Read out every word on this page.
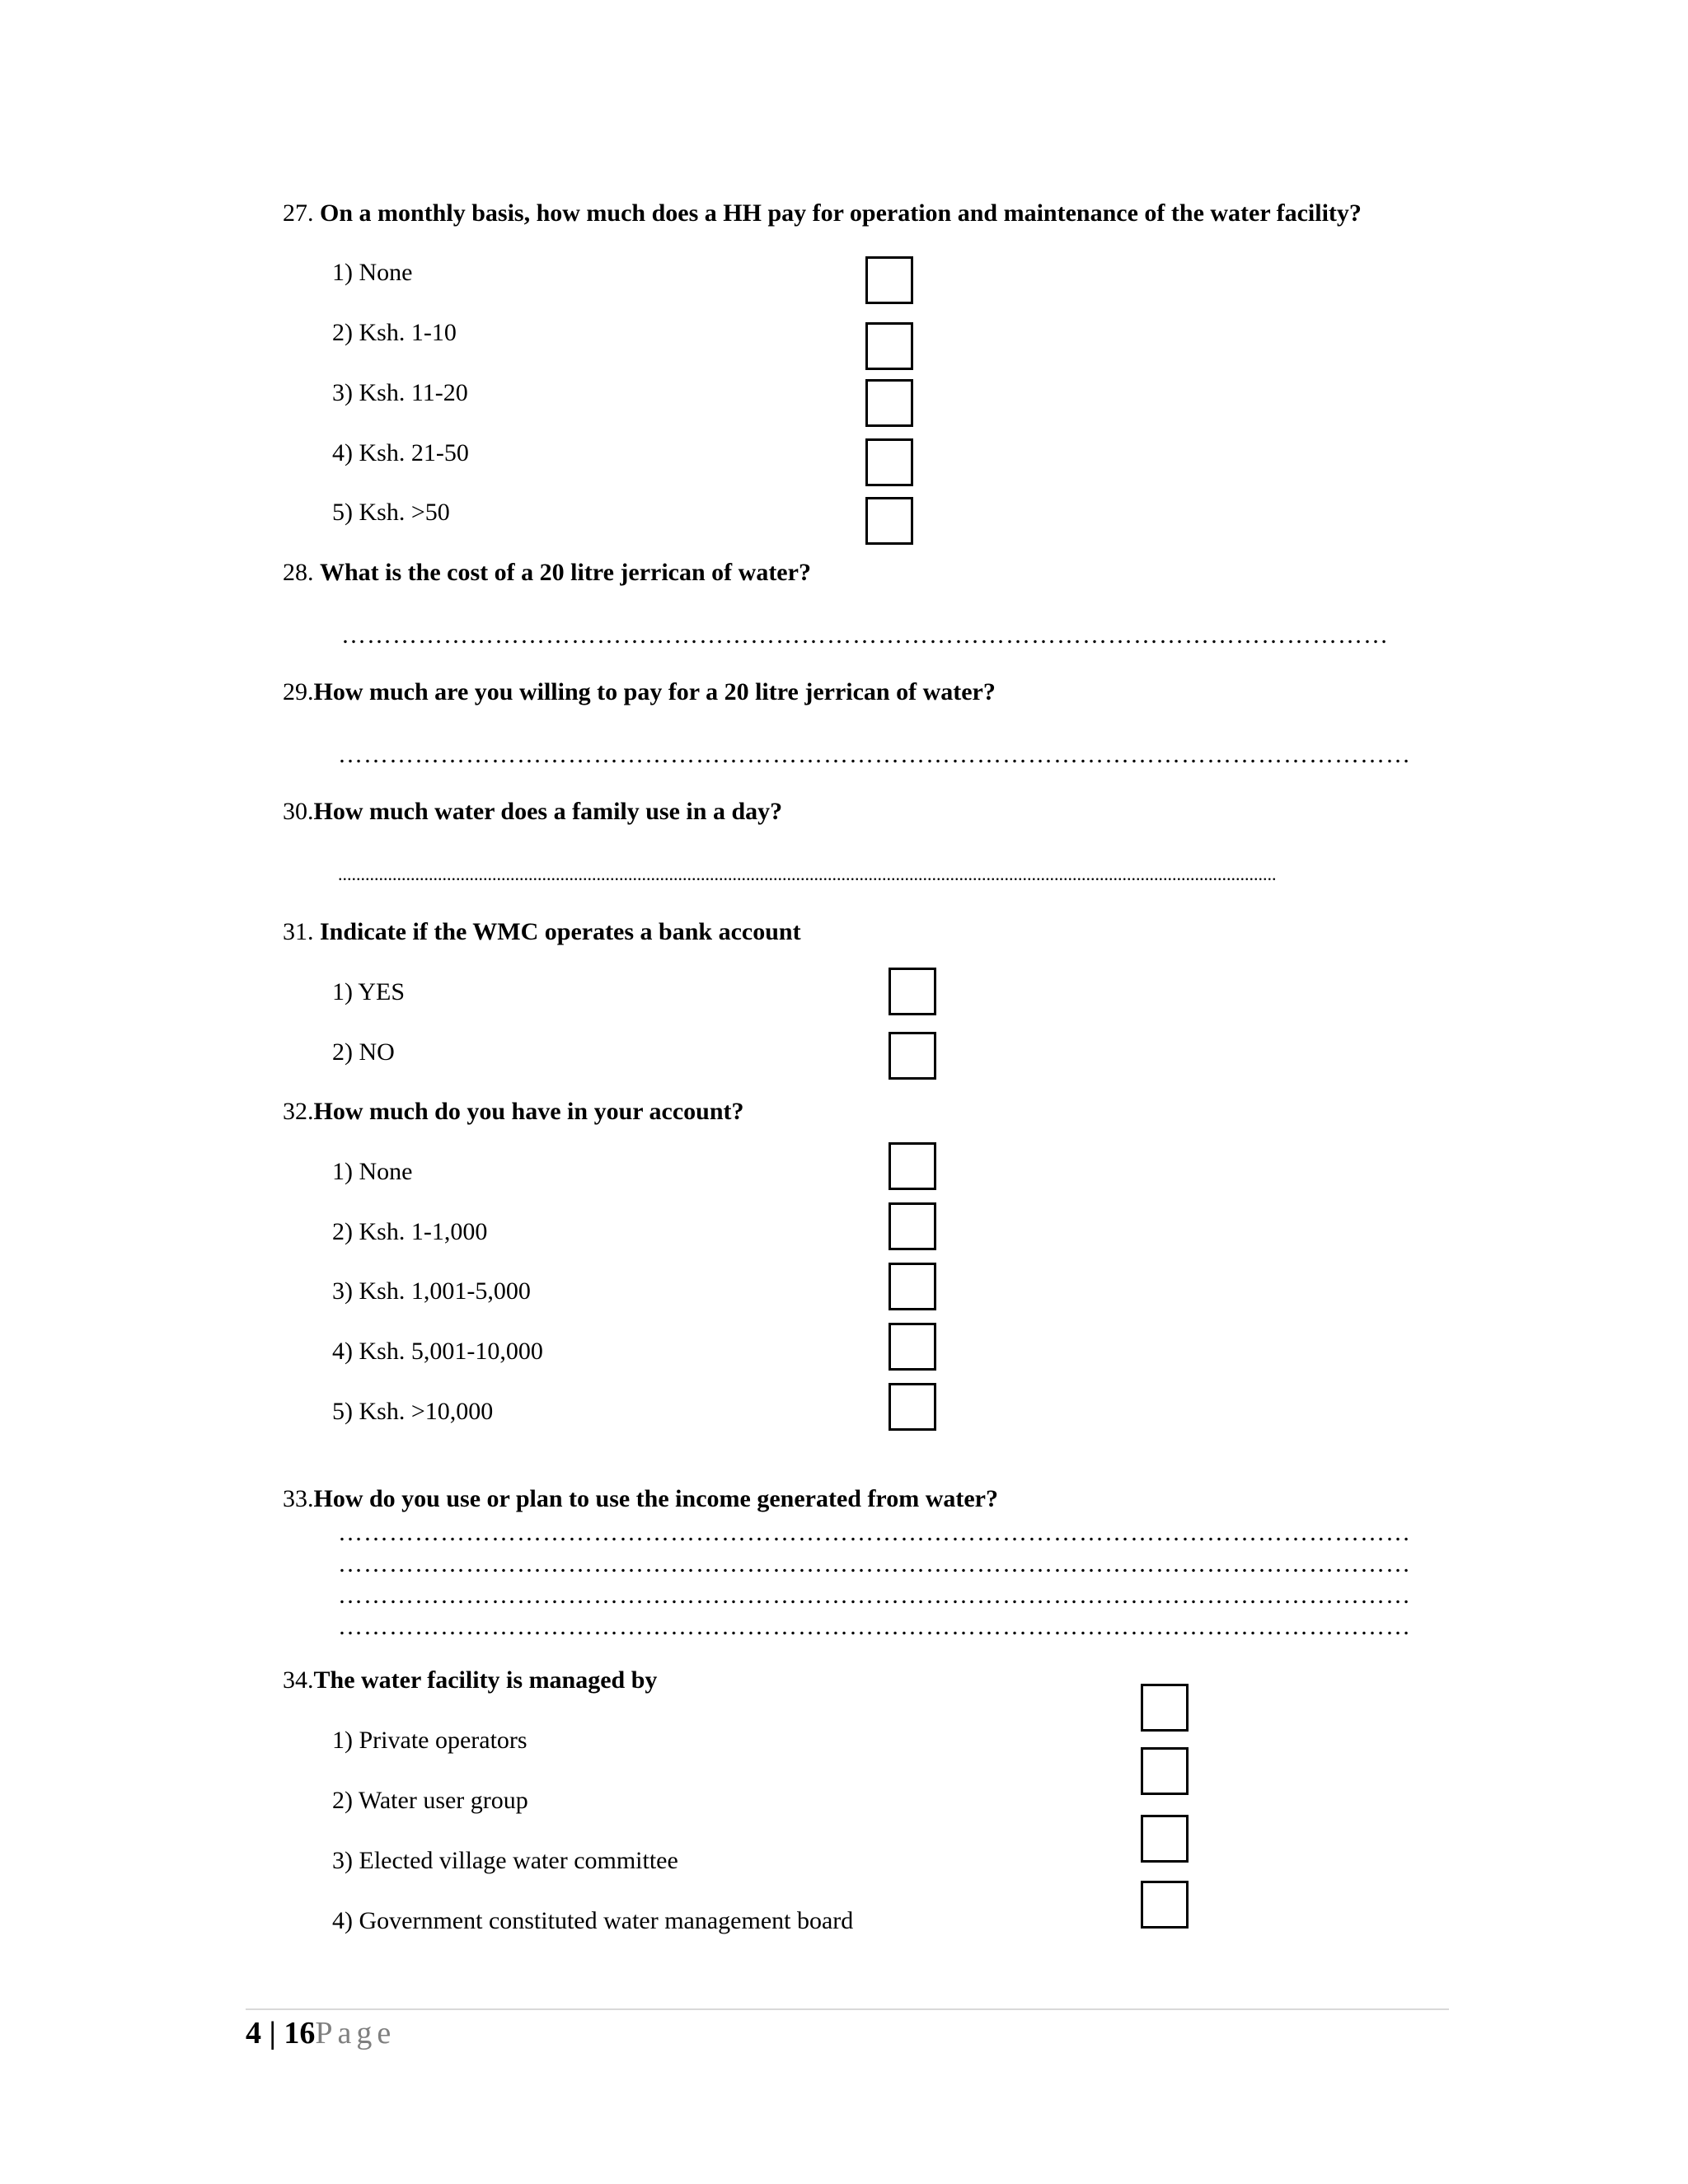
27. On a monthly basis, how much does a HH pay for operation and maintenance of the water facility?
1) None
2) Ksh. 1-10
3) Ksh. 11-20
4) Ksh. 21-50
5) Ksh. >50
28. What is the cost of a 20 litre jerrican of water?
……………………………………………………………………………………………………………
29.How much are you willing to pay for a 20 litre jerrican of water?
………………………………………………………………………………………………………………
30.How much water does a family use in a day?
...............................................................................................................................................................................................................
31. Indicate if the WMC operates a bank account
1) YES
2) NO
32.How much do you have in your account?
1) None
2) Ksh. 1-1,000
3) Ksh. 1,001-5,000
4) Ksh. 5,001-10,000
5) Ksh. >10,000
33.How do you use or plan to use the income generated from water?
………………………………………………………………………………………………………………
………………………………………………………………………………………………………………
………………………………………………………………………………………………………………
………………………………………………………………………………………………………………
34.The water facility is managed by
1) Private operators
2) Water user group
3) Elected village water committee
4) Government constituted water management board
4 | 16Page
